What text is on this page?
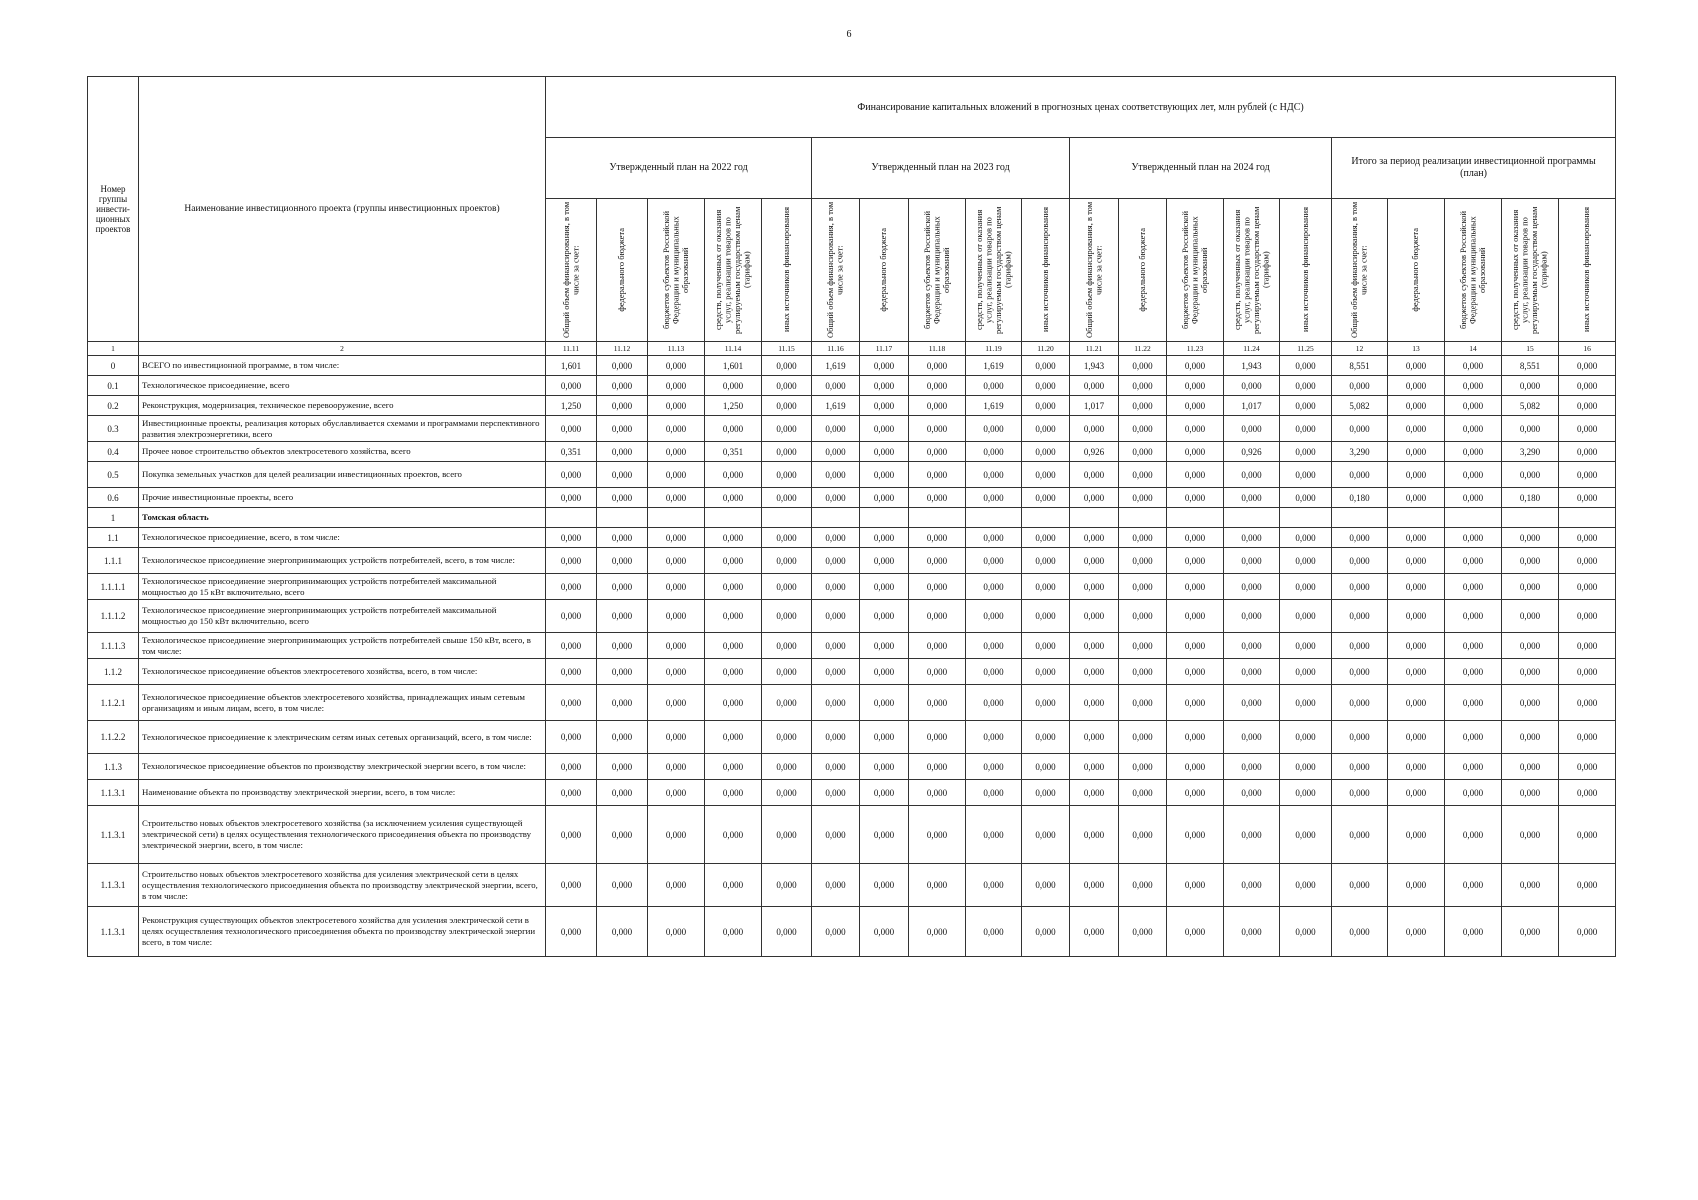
6
Номер группы инвести-ционных проектов	Наименование инвестиционного проекта (группы инвестиционных проектов)	Финансирование капитальных вложений в прогнозных ценах соответствующих лет, млн рублей (с НДС)																			
		Утвержденный план на 2022 год					Утвержденный план на 2023 год					Утвержденный план на 2024 год					Итого за период реализации инвестиционной программы (план)				

		Общий объем финансирования, в том числе за счет:	федерального бюджета	бюджетов субъектов Российской Федерации и муниципальных образований	средств, полученных от оказания услуг, реализации товаров по регулируемым государством ценам (тарифам)	иных источников финансирования	Общий объем финансирования, в том числе за счет:	федерального бюджета	бюджетов субъектов Российской Федерации и муниципальных образований	средств, полученных от оказания услуг, реализации товаров по регулируемым государством ценам (тарифам)	иных источников финансирования	Общий объем финансирования, в том числе за счет:	федерального бюджета	бюджетов субъектов Российской Федерации и муниципальных образований	средств, полученных от оказания услуг, реализации товаров по регулируемым государством ценам (тарифам)	иных источников финансирования	Общий объем финансирования, в том числе за счет:	федерального бюджета	бюджетов субъектов Российской Федерации и муниципальных образований	средств, полученных от оказания услуг, реализации товаров по регулируемым государством ценам (тарифам)	иных источников финансирования

1	2	11.11	11.12	11.13	11.14	11.15	11.16	11.17	11.18	11.19	11.20	11.21	11.22	11.23	11.24	11.25	12	13	14	15	16
0	ВСЕГО по инвестиционной программе, в том числе:	1,601	0,000	0,000	1,601	0,000	1,619	0,000	0,000	1,619	0,000	1,943	0,000	0,000	1,943	0,000	8,551	0,000	0,000	8,551	0,000
0.1	Технологическое присоединение, всего	0,000	0,000	0,000	0,000	0,000	0,000	0,000	0,000	0,000	0,000	0,000	0,000	0,000	0,000	0,000	0,000	0,000	0,000	0,000	0,000
0.2	Реконструкция, модернизация, техническое перевооружение, всего	1,250	0,000	0,000	1,250	0,000	1,619	0,000	0,000	1,619	0,000	1,017	0,000	0,000	1,017	0,000	5,082	0,000	0,000	5,082	0,000
0.3	Инвестиционные проекты, реализация которых обуславливается схемами и программами перспективного развития электроэнергетики, всего	0,000	0,000	0,000	0,000	0,000	0,000	0,000	0,000	0,000	0,000	0,000	0,000	0,000	0,000	0,000	0,000	0,000	0,000	0,000	0,000
0.4	Прочее новое строительство объектов электросетевого хозяйства, всего	0,351	0,000	0,000	0,351	0,000	0,000	0,000	0,000	0,000	0,000	0,926	0,000	0,000	0,926	0,000	3,290	0,000	0,000	3,290	0,000
0.5	Покупка земельных участков для целей реализации инвестиционных проектов, всего	0,000	0,000	0,000	0,000	0,000	0,000	0,000	0,000	0,000	0,000	0,000	0,000	0,000	0,000	0,000	0,000	0,000	0,000	0,000	0,000
0.6	Прочие инвестиционные проекты, всего	0,000	0,000	0,000	0,000	0,000	0,000	0,000	0,000	0,000	0,000	0,000	0,000	0,000	0,000	0,000	0,180	0,000	0,000	0,180	0,000
1	Томская область																				
1.1	Технологическое присоединение, всего, в том числе:	0,000	0,000	0,000	0,000	0,000	0,000	0,000	0,000	0,000	0,000	0,000	0,000	0,000	0,000	0,000	0,000	0,000	0,000	0,000	0,000
1.1.1	Технологическое присоединение энергопринимающих устройств потребителей, всего, в том числе:	0,000	0,000	0,000	0,000	0,000	0,000	0,000	0,000	0,000	0,000	0,000	0,000	0,000	0,000	0,000	0,000	0,000	0,000	0,000	0,000
1.1.1.1	Технологическое присоединение энергопринимающих устройств потребителей максимальной мощностью до 15 кВт включительно, всего	0,000	0,000	0,000	0,000	0,000	0,000	0,000	0,000	0,000	0,000	0,000	0,000	0,000	0,000	0,000	0,000	0,000	0,000	0,000	0,000
1.1.1.2	Технологическое присоединение энергопринимающих устройств потребителей максимальной мощностью до 150 кВт включительно, всего	0,000	0,000	0,000	0,000	0,000	0,000	0,000	0,000	0,000	0,000	0,000	0,000	0,000	0,000	0,000	0,000	0,000	0,000	0,000	0,000
1.1.1.3	Технологическое присоединение энергопринимающих устройств потребителей свыше 150 кВт, всего, в том числе:	0,000	0,000	0,000	0,000	0,000	0,000	0,000	0,000	0,000	0,000	0,000	0,000	0,000	0,000	0,000	0,000	0,000	0,000	0,000	0,000
1.1.2	Технологическое присоединение объектов электросетевого хозяйства, всего, в том числе:	0,000	0,000	0,000	0,000	0,000	0,000	0,000	0,000	0,000	0,000	0,000	0,000	0,000	0,000	0,000	0,000	0,000	0,000	0,000	0,000
1.1.2.1	Технологическое присоединение объектов электросетевого хозяйства, принадлежащих иным сетевым организациям и иным лицам, всего, в том числе:	0,000	0,000	0,000	0,000	0,000	0,000	0,000	0,000	0,000	0,000	0,000	0,000	0,000	0,000	0,000	0,000	0,000	0,000	0,000	0,000
1.1.2.2	Технологическое присоединение к электрическим сетям иных сетевых организаций, всего, в том числе:	0,000	0,000	0,000	0,000	0,000	0,000	0,000	0,000	0,000	0,000	0,000	0,000	0,000	0,000	0,000	0,000	0,000	0,000	0,000	0,000
1.1.3	Технологическое присоединение объектов по производству электрической энергии всего, в том числе:	0,000	0,000	0,000	0,000	0,000	0,000	0,000	0,000	0,000	0,000	0,000	0,000	0,000	0,000	0,000	0,000	0,000	0,000	0,000	0,000
1.1.3.1	Наименование объекта по производству электрической энергии, всего, в том числе:	0,000	0,000	0,000	0,000	0,000	0,000	0,000	0,000	0,000	0,000	0,000	0,000	0,000	0,000	0,000	0,000	0,000	0,000	0,000	0,000
1.1.3.1	Строительство новых объектов электросетевого хозяйства (за исключением усиления существующей электрической сети) в целях осуществления технологического присоединения объекта по производству электрической энергии, всего, в том числе:	0,000	0,000	0,000	0,000	0,000	0,000	0,000	0,000	0,000	0,000	0,000	0,000	0,000	0,000	0,000	0,000	0,000	0,000	0,000	0,000
1.1.3.1	Строительство новых объектов электросетевого хозяйства для усиления электрической сети в целях осуществления технологического присоединения объекта по производству электрической энергии, всего, в том числе:	0,000	0,000	0,000	0,000	0,000	0,000	0,000	0,000	0,000	0,000	0,000	0,000	0,000	0,000	0,000	0,000	0,000	0,000	0,000	0,000
1.1.3.1	Реконструкция существующих объектов электросетевого хозяйства для усиления электрической сети в целях осуществления технологического присоединения объекта по производству электрической энергии всего, в том числе:	0,000	0,000	0,000	0,000	0,000	0,000	0,000	0,000	0,000	0,000	0,000	0,000	0,000	0,000	0,000	0,000	0,000	0,000	0,000	0,000
